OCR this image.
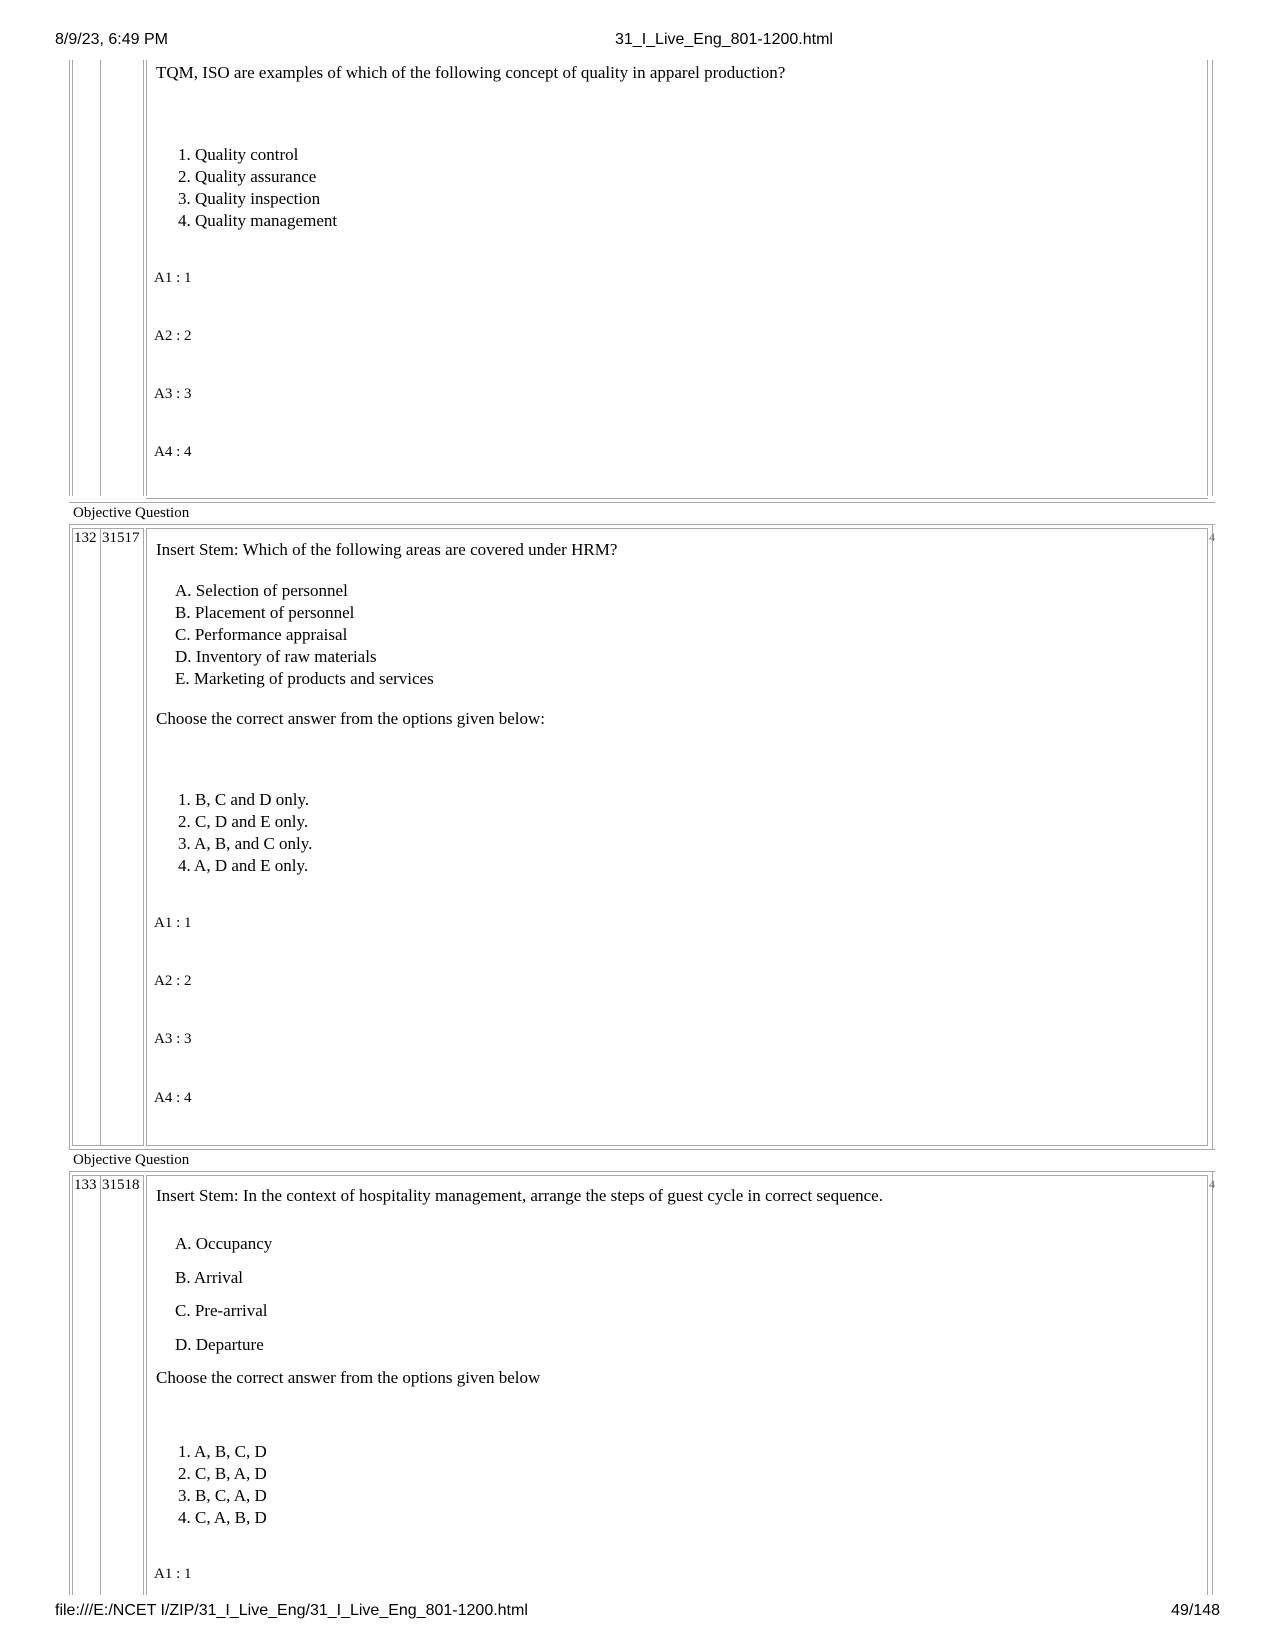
8/9/23, 6:49 PM	31_I_Live_Eng_801-1200.html
file:///E:/NCET I/ZIP/31_I_Live_Eng/31_I_Live_Eng_801-1200.html	49/148
TQM, ISO are examples of which of the following concept of quality in apparel production?
1. Quality control
2. Quality assurance
3. Quality inspection
4. Quality management
A1 : 1
A2 : 2
A3 : 3
A4 : 4
Objective Question
132 31517	4
Insert Stem: Which of the following areas are covered under HRM?
A. Selection of personnel
B. Placement of personnel
C. Performance appraisal
D. Inventory of raw materials
E. Marketing of products and services
Choose the correct answer from the options given below:
1. B, C and D only.
2. C, D and E only.
3. A, B, and C only.
4. A, D and E only.
A1 : 1
A2 : 2
A3 : 3
A4 : 4
Objective Question
133 31518	4
Insert Stem: In the context of hospitality management, arrange the steps of guest cycle in correct sequence.
A. Occupancy
B. Arrival
C. Pre-arrival
D. Departure
Choose the correct answer from the options given below
1. A, B, C, D
2. C, B, A, D
3. B, C, A, D
4. C, A, B, D
A1 : 1
